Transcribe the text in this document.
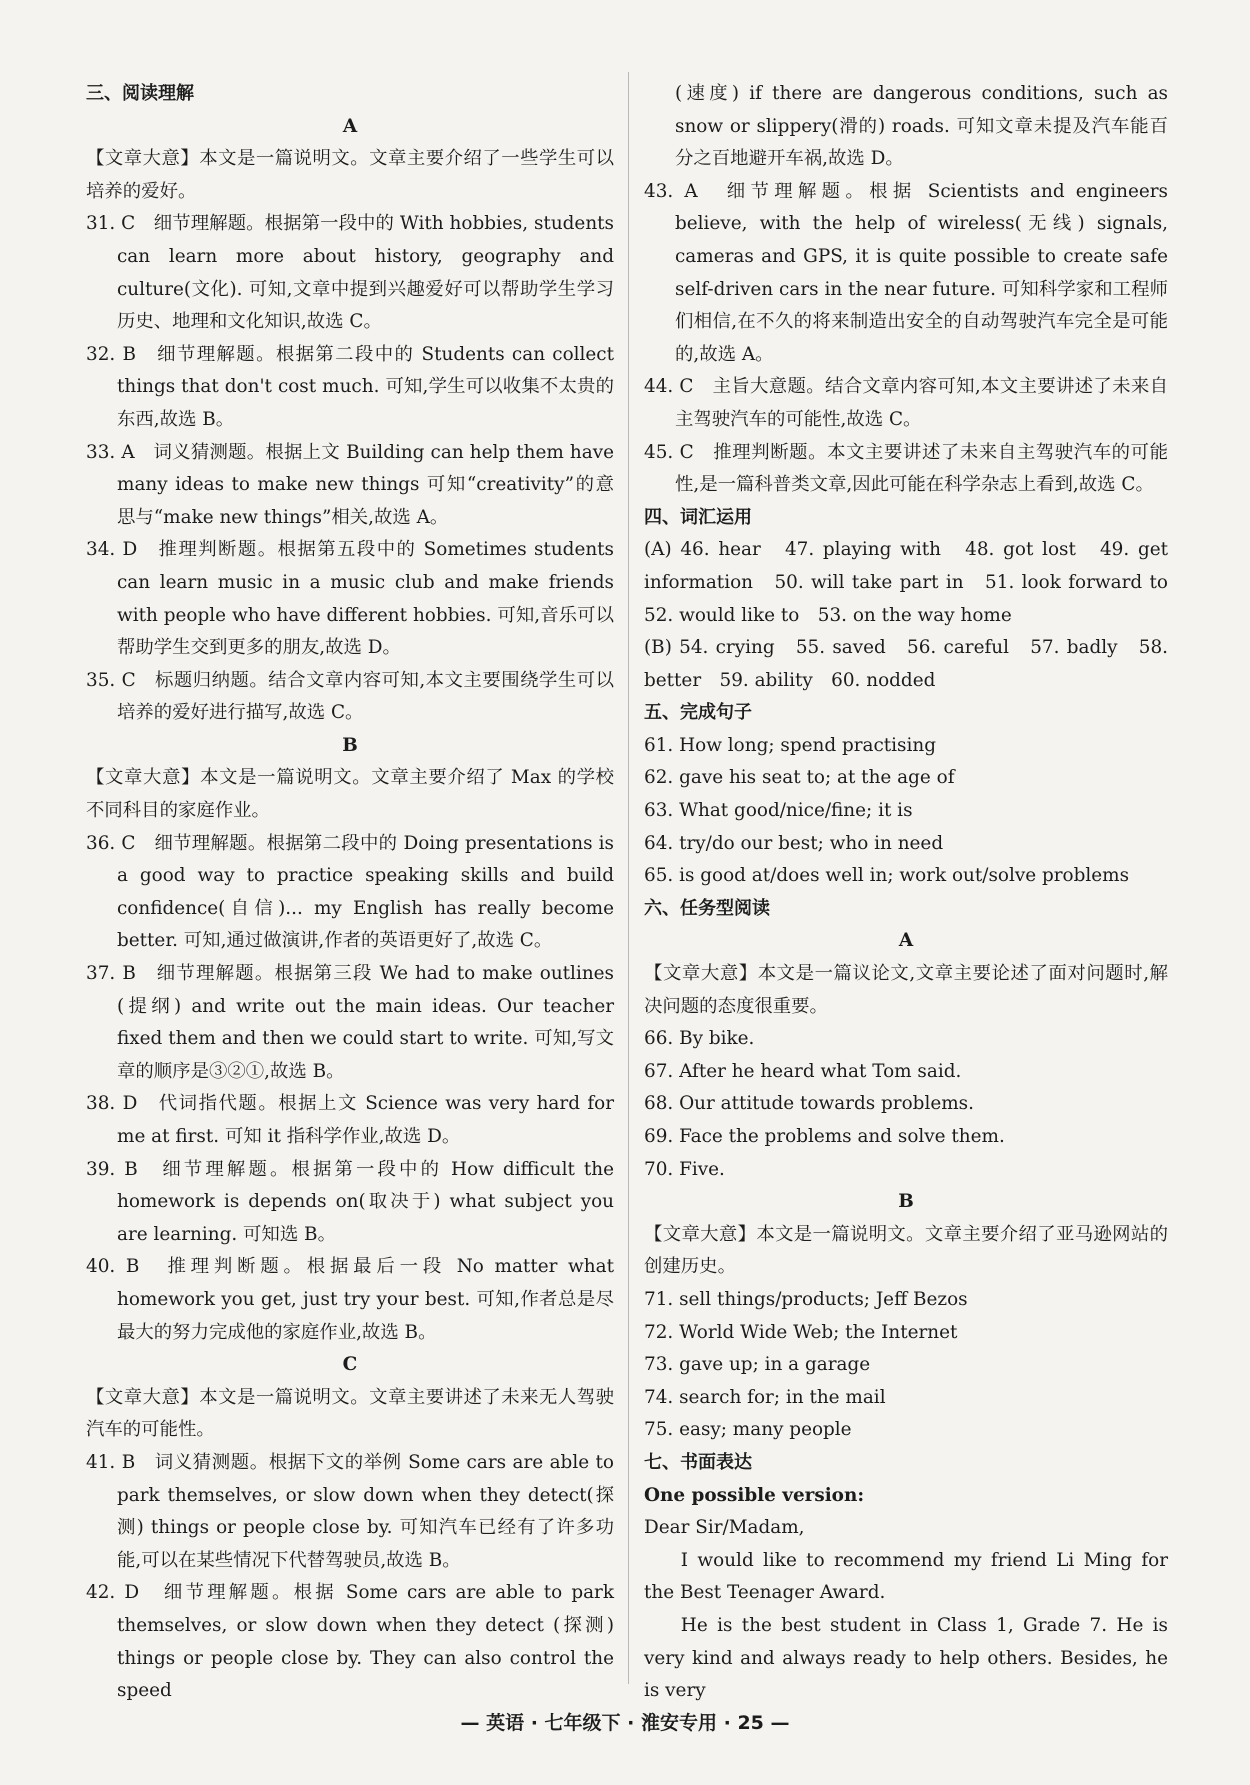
三、阅读理解
A
【文章大意】本文是一篇说明文。文章主要介绍了一些学生可以培养的爱好。
31. C　细节理解题。根据第一段中的 With hobbies, students can learn more about history, geography and culture(文化). 可知,文章中提到兴趣爱好可以帮助学生学习历史、地理和文化知识,故选 C。
32. B　细节理解题。根据第二段中的 Students can collect things that don't cost much. 可知,学生可以收集不太贵的东西,故选 B。
33. A　词义猜测题。根据上文 Building can help them have many ideas to make new things 可知“creativity”的意思与“make new things”相关,故选 A。
34. D　推理判断题。根据第五段中的 Sometimes students can learn music in a music club and make friends with people who have different hobbies. 可知,音乐可以帮助学生交到更多的朋友,故选 D。
35. C　标题归纳题。结合文章内容可知,本文主要围绕学生可以培养的爱好进行描写,故选 C。
B
【文章大意】本文是一篇说明文。文章主要介绍了 Max 的学校不同科目的家庭作业。
36. C　细节理解题。根据第二段中的 Doing presentations is a good way to practice speaking skills and build confidence(自信)... my English has really become better. 可知,通过做演讲,作者的英语更好了,故选 C。
37. B　细节理解题。根据第三段 We had to make outlines (提纲) and write out the main ideas. Our teacher fixed them and then we could start to write. 可知,写文章的顺序是③②①,故选 B。
38. D　代词指代题。根据上文 Science was very hard for me at first. 可知 it 指科学作业,故选 D。
39. B　细节理解题。根据第一段中的 How difficult the homework is depends on(取决于) what subject you are learning. 可知选 B。
40. B　推理判断题。根据最后一段 No matter what homework you get, just try your best. 可知,作者总是尽最大的努力完成他的家庭作业,故选 B。
C
【文章大意】本文是一篇说明文。文章主要讲述了未来无人驾驶汽车的可能性。
41. B　词义猜测题。根据下文的举例 Some cars are able to park themselves, or slow down when they detect(探测) things or people close by. 可知汽车已经有了许多功能,可以在某些情况下代替驾驶员,故选 B。
42. D　细节理解题。根据 Some cars are able to park themselves, or slow down when they detect (探测) things or people close by. They can also control the speed
(速度) if there are dangerous conditions, such as snow or slippery(滑的) roads. 可知文章未提及汽车能百分之百地避开车祸,故选 D。
43. A　细节理解题。根据 Scientists and engineers believe, with the help of wireless(无线) signals, cameras and GPS, it is quite possible to create safe self-driven cars in the near future. 可知科学家和工程师们相信,在不久的将来制造出安全的自动驾驶汽车完全是可能的,故选 A。
44. C　主旨大意题。结合文章内容可知,本文主要讲述了未来自主驾驶汽车的可能性,故选 C。
45. C　推理判断题。本文主要讲述了未来自主驾驶汽车的可能性,是一篇科普类文章,因此可能在科学杂志上看到,故选 C。
四、词汇运用
(A) 46. hear　47. playing with　48. got lost　49. get information　50. will take part in　51. look forward to　52. would like to　53. on the way home
(B) 54. crying　55. saved　56. careful　57. badly　58. better　59. ability　60. nodded
五、完成句子
61. How long; spend practising
62. gave his seat to; at the age of
63. What good/nice/fine; it is
64. try/do our best; who in need
65. is good at/does well in; work out/solve problems
六、任务型阅读
A
【文章大意】本文是一篇议论文,文章主要论述了面对问题时,解决问题的态度很重要。
66. By bike.
67. After he heard what Tom said.
68. Our attitude towards problems.
69. Face the problems and solve them.
70. Five.
B
【文章大意】本文是一篇说明文。文章主要介绍了亚马逊网站的创建历史。
71. sell things/products; Jeff Bezos
72. World Wide Web; the Internet
73. gave up; in a garage
74. search for; in the mail
75. easy; many people
七、书面表达
One possible version:
Dear Sir/Madam,
I would like to recommend my friend Li Ming for the Best Teenager Award.
He is the best student in Class 1, Grade 7. He is very kind and always ready to help others. Besides, he is very
— 英语 · 七年级下 · 淮安专用 · 25 —
